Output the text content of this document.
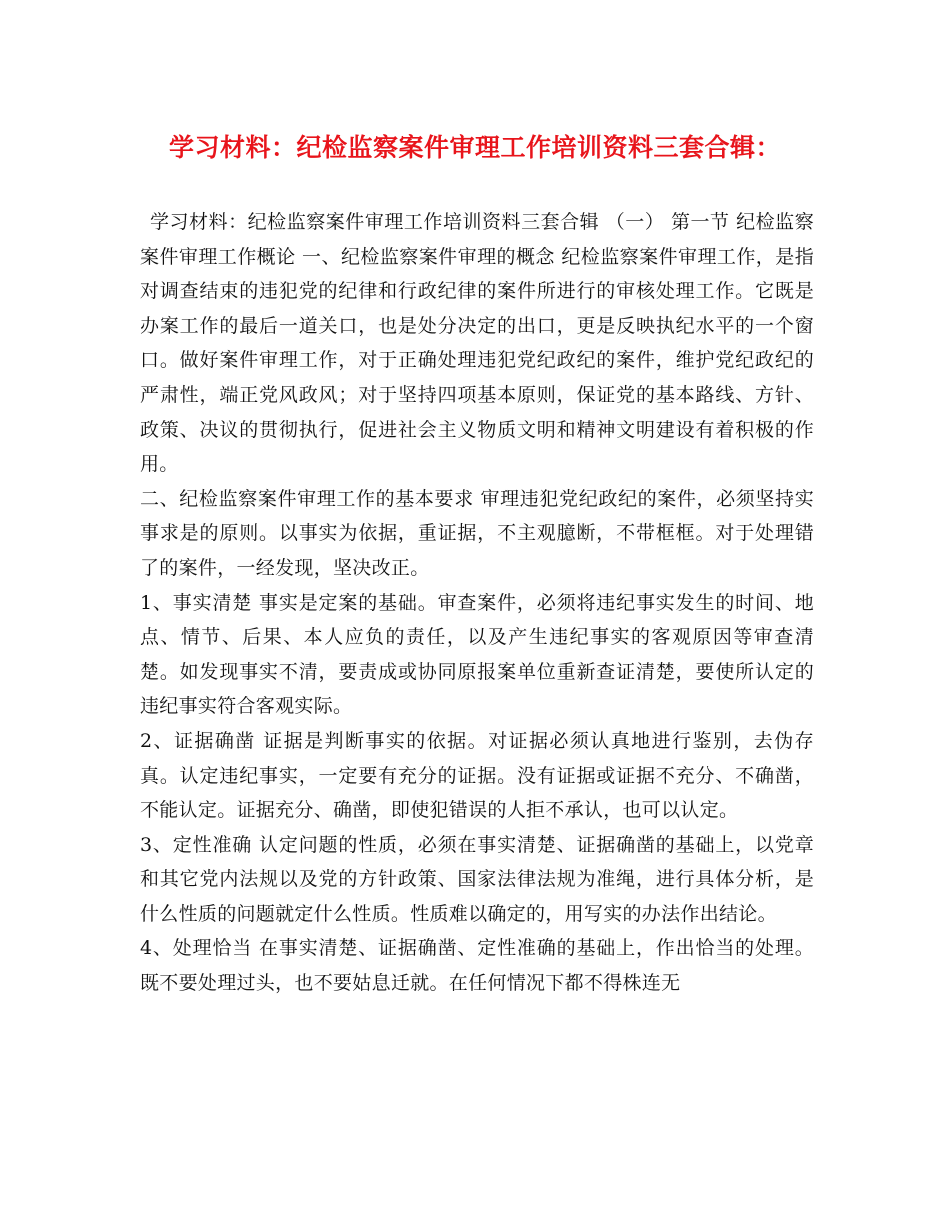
学习材料：纪检监察案件审理工作培训资料三套合辑：

学习材料：纪检监察案件审理工作培训资料三套合辑 （一） 第一节 纪检监察案件审理工作概论 一、纪检监察案件审理的概念 纪检监察案件审理工作，是指对调查结束的违犯党的纪律和行政纪律的案件所进行的审核处理工作。它既是办案工作的最后一道关口，也是处分决定的出口，更是反映执纪水平的一个窗口。做好案件审理工作，对于正确处理违犯党纪政纪的案件，维护党纪政纪的严肃性，端正党风政风；对于坚持四项基本原则，保证党的基本路线、方针、政策、决议的贯彻执行，促进社会主义物质文明和精神文明建设有着积极的作用。

二、纪检监察案件审理工作的基本要求 审理违犯党纪政纪的案件，必须坚持实事求是的原则。以事实为依据，重证据，不主观臆断，不带框框。对于处理错了的案件，一经发现，坚决改正。

1、事实清楚 事实是定案的基础。审查案件，必须将违纪事实发生的时间、地点、情节、后果、本人应负的责任，以及产生违纪事实的客观原因等审查清楚。如发现事实不清，要责成或协同原报案单位重新查证清楚，要使所认定的违纪事实符合客观实际。

2、证据确凿 证据是判断事实的依据。对证据必须认真地进行鉴别，去伪存真。认定违纪事实，一定要有充分的证据。没有证据或证据不充分、不确凿，不能认定。证据充分、确凿，即使犯错误的人拒不承认，也可以认定。

3、定性准确 认定问题的性质，必须在事实清楚、证据确凿的基础上，以党章和其它党内法规以及党的方针政策、国家法律法规为准绳，进行具体分析，是什么性质的问题就定什么性质。性质难以确定的，用写实的办法作出结论。

4、处理恰当 在事实清楚、证据确凿、定性准确的基础上，作出恰当的处理。既不要处理过头，也不要姑息迁就。在任何情况下都不得株连无
